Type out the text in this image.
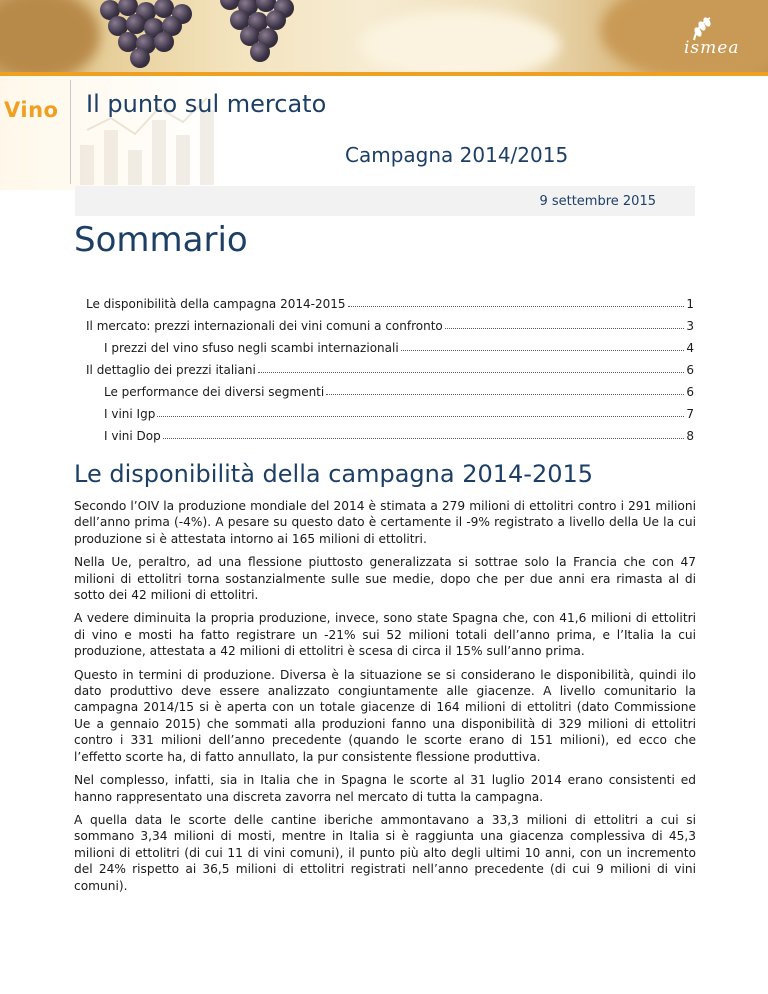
ismea
Vino Il punto sul mercato
Campagna 2014/2015
9 settembre 2015
Sommario
Le disponibilità della campagna 2014-2015	1
Il mercato: prezzi internazionali dei vini comuni a confronto	3
I prezzi del vino sfuso negli scambi internazionali	4
Il dettaglio dei prezzi italiani	6
Le performance dei diversi segmenti	6
I vini Igp	7
I vini Dop	8
Le disponibilità della campagna 2014-2015

Secondo l’OIV la produzione mondiale del 2014 è stimata a 279 milioni di ettolitri contro i 291 milioni dell’anno prima (-4%). A pesare su questo dato è certamente il -9% registrato a livello della Ue la cui produzione si è attestata intorno ai 165 milioni di ettolitri.

Nella Ue, peraltro, ad una flessione piuttosto generalizzata si sottrae solo la Francia che con 47 milioni di ettolitri torna sostanzialmente sulle sue medie, dopo che per due anni era rimasta al di sotto dei 42 milioni di ettolitri.

A vedere diminuita la propria produzione, invece, sono state Spagna che, con 41,6 milioni di ettolitri di vino e mosti ha fatto registrare un -21% sui 52 milioni totali dell’anno prima, e l’Italia la cui produzione, attestata a 42 milioni di ettolitri è scesa di circa il 15% sull’anno prima.

Questo in termini di produzione. Diversa è la situazione se si considerano le disponibilità, quindi ilo dato produttivo deve essere analizzato congiuntamente alle giacenze. A livello comunitario la campagna 2014/15 si è aperta con un totale giacenze di 164 milioni di ettolitri (dato Commissione Ue a gennaio 2015) che sommati alla produzioni fanno una disponibilità di 329 milioni di ettolitri contro i 331 milioni dell’anno precedente (quando le scorte erano di 151 milioni), ed ecco che l’effetto scorte ha, di fatto annullato, la pur consistente flessione produttiva.

Nel complesso, infatti, sia in Italia che in Spagna le scorte al 31 luglio 2014 erano consistenti ed hanno rappresentato una discreta zavorra nel mercato di tutta la campagna.

A quella data le scorte delle cantine iberiche ammontavano a 33,3 milioni di ettolitri a cui si sommano 3,34 milioni di mosti, mentre in Italia si è raggiunta una giacenza complessiva di 45,3 milioni di ettolitri (di cui 11 di vini comuni), il punto più alto degli ultimi 10 anni, con un incremento del 24% rispetto ai 36,5 milioni di ettolitri registrati nell’anno precedente (di cui 9 milioni di vini comuni).
